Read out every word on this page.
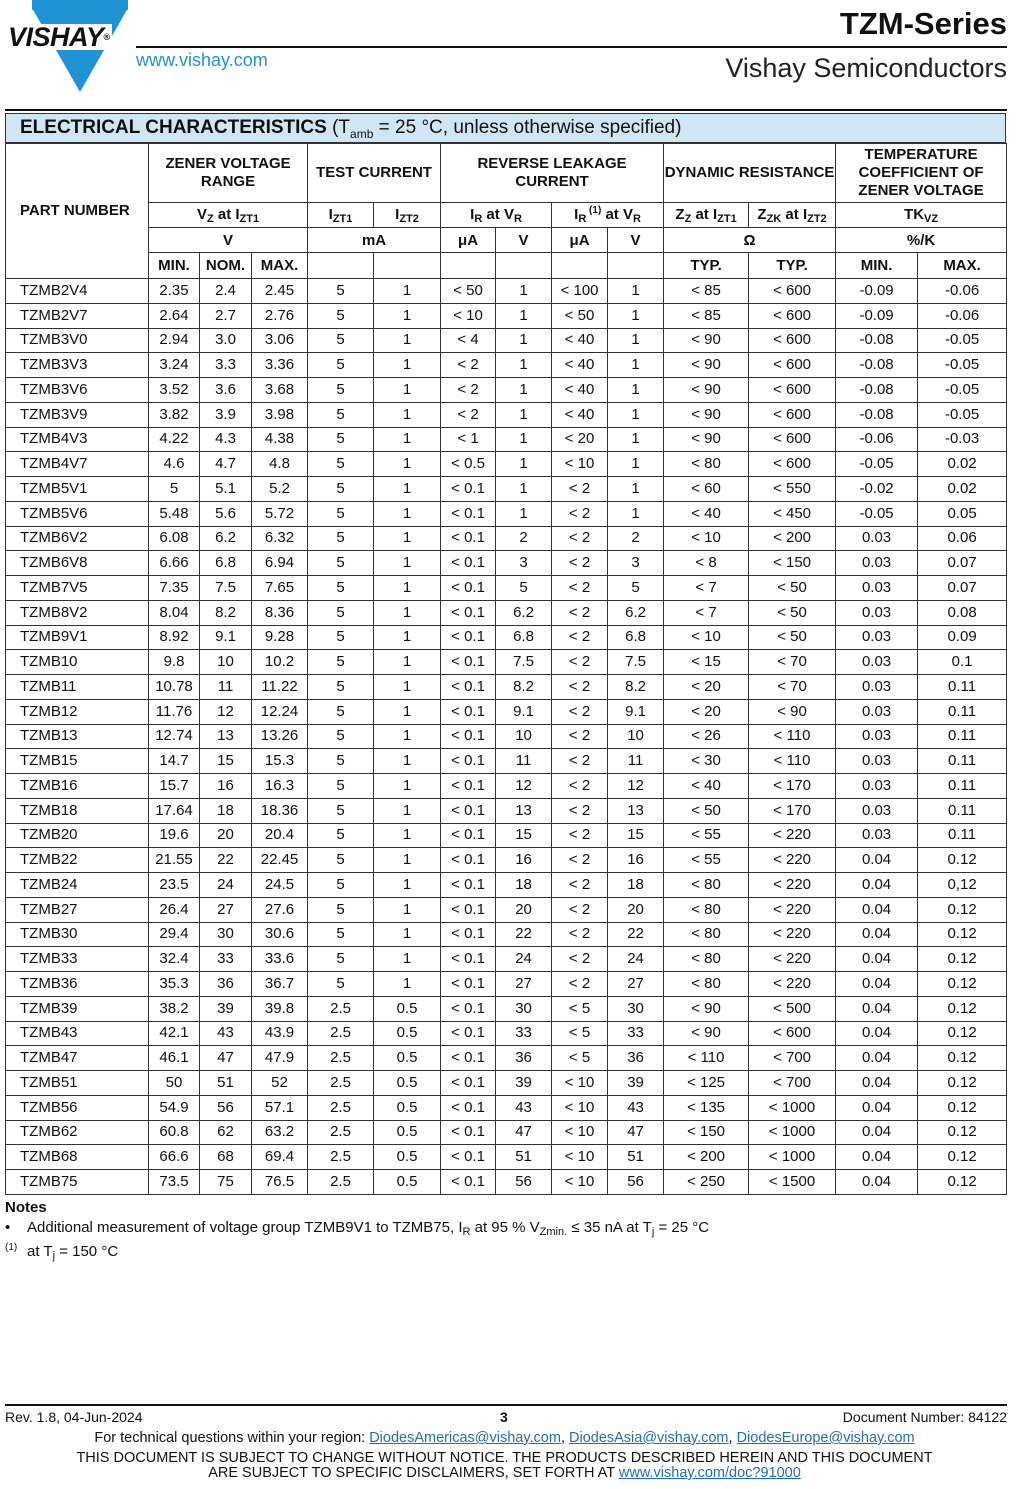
VISHAY®
www.vishay.com
TZM-Series
Vishay Semiconductors
ELECTRICAL CHARACTERISTICS ($T_{amb} = 25$ °C, unless otherwise specified)
PART NUMBER	ZENER VOLTAGE RANGE			TEST CURRENT		REVERSE LEAKAGE CURRENT				DYNAMIC RESISTANCE		TEMPERATURE COEFFICIENT OF ZENER VOLTAGE	
	$V_Z$ at $I_{ZT1}$			$I_{ZT1}$	$I_{ZT2}$	$I_R$ at $V_R$		$I_R$ $^{(1)}$ at $V_R$		$Z_Z$ at $I_{ZT1}$	$Z_{ZK}$ at $I_{ZT2}$	$TK_{VZ}$
	V			mA		μA	V	μA	V	Ω		%/K	
	MIN.	NOM.	MAX.							TYP.	TYP.	MIN.	MAX.
TZMB2V4	2.35	2.4	2.45	5	1	< 50	1	< 100	1	< 85	< 600	-0.09	-0.06
TZMB2V7	2.64	2.7	2.76	5	1	< 10	1	< 50	1	< 85	< 600	-0.09	-0.06
TZMB3V0	2.94	3.0	3.06	5	1	< 4	1	< 40	1	< 90	< 600	-0.08	-0.05
TZMB3V3	3.24	3.3	3.36	5	1	< 2	1	< 40	1	< 90	< 600	-0.08	-0.05
TZMB3V6	3.52	3.6	3.68	5	1	< 2	1	< 40	1	< 90	< 600	-0.08	-0.05
TZMB3V9	3.82	3.9	3.98	5	1	< 2	1	< 40	1	< 90	< 600	-0.08	-0.05
TZMB4V3	4.22	4.3	4.38	5	1	< 1	1	< 20	1	< 90	< 600	-0.06	-0.03
TZMB4V7	4.6	4.7	4.8	5	1	< 0.5	1	< 10	1	< 80	< 600	-0.05	0.02
TZMB5V1	5	5.1	5.2	5	1	< 0.1	1	< 2	1	< 60	< 550	-0.02	0.02
TZMB5V6	5.48	5.6	5.72	5	1	< 0.1	1	< 2	1	< 40	< 450	-0.05	0.05
TZMB6V2	6.08	6.2	6.32	5	1	< 0.1	2	< 2	2	< 10	< 200	0.03	0.06
TZMB6V8	6.66	6.8	6.94	5	1	< 0.1	3	< 2	3	< 8	< 150	0.03	0.07
TZMB7V5	7.35	7.5	7.65	5	1	< 0.1	5	< 2	5	< 7	< 50	0.03	0.07
TZMB8V2	8.04	8.2	8.36	5	1	< 0.1	6.2	< 2	6.2	< 7	< 50	0.03	0.08
TZMB9V1	8.92	9.1	9.28	5	1	< 0.1	6.8	< 2	6.8	< 10	< 50	0.03	0.09
TZMB10	9.8	10	10.2	5	1	< 0.1	7.5	< 2	7.5	< 15	< 70	0.03	0.1
TZMB11	10.78	11	11.22	5	1	< 0.1	8.2	< 2	8.2	< 20	< 70	0.03	0.11
TZMB12	11.76	12	12.24	5	1	< 0.1	9.1	< 2	9.1	< 20	< 90	0.03	0.11
TZMB13	12.74	13	13.26	5	1	< 0.1	10	< 2	10	< 26	< 110	0.03	0.11
TZMB15	14.7	15	15.3	5	1	< 0.1	11	< 2	11	< 30	< 110	0.03	0.11
TZMB16	15.7	16	16.3	5	1	< 0.1	12	< 2	12	< 40	< 170	0.03	0.11
TZMB18	17.64	18	18.36	5	1	< 0.1	13	< 2	13	< 50	< 170	0.03	0.11
TZMB20	19.6	20	20.4	5	1	< 0.1	15	< 2	15	< 55	< 220	0.03	0.11
TZMB22	21.55	22	22.45	5	1	< 0.1	16	< 2	16	< 55	< 220	0.04	0.12
TZMB24	23.5	24	24.5	5	1	< 0.1	18	< 2	18	< 80	< 220	0.04	0,12
TZMB27	26.4	27	27.6	5	1	< 0.1	20	< 2	20	< 80	< 220	0.04	0.12
TZMB30	29.4	30	30.6	5	1	< 0.1	22	< 2	22	< 80	< 220	0.04	0.12
TZMB33	32.4	33	33.6	5	1	< 0.1	24	< 2	24	< 80	< 220	0.04	0.12
TZMB36	35.3	36	36.7	5	1	< 0.1	27	< 2	27	< 80	< 220	0.04	0.12
TZMB39	38.2	39	39.8	2.5	0.5	< 0.1	30	< 5	30	< 90	< 500	0.04	0.12
TZMB43	42.1	43	43.9	2.5	0.5	< 0.1	33	< 5	33	< 90	< 600	0.04	0.12
TZMB47	46.1	47	47.9	2.5	0.5	< 0.1	36	< 5	36	< 110	< 700	0.04	0.12
TZMB51	50	51	52	2.5	0.5	< 0.1	39	< 10	39	< 125	< 700	0.04	0.12
TZMB56	54.9	56	57.1	2.5	0.5	< 0.1	43	< 10	43	< 135	< 1000	0.04	0.12
TZMB62	60.8	62	63.2	2.5	0.5	< 0.1	47	< 10	47	< 150	< 1000	0.04	0.12
TZMB68	66.6	68	69.4	2.5	0.5	< 0.1	51	< 10	51	< 200	< 1000	0.04	0.12
TZMB75	73.5	75	76.5	2.5	0.5	< 0.1	56	< 10	56	< 250	< 1500	0.04	0.12
Notes
• Additional measurement of voltage group TZMB9V1 to TZMB75, $I_R$ at 95 % $V_{Zmin.} \le 35$ nA at $T_j = 25$ °C
(1) at $T_j = 150$ °C
Rev. 1.8, 04-Jun-2024	3	Document Number: 84122
For technical questions within your region: DiodesAmericas@vishay.com, DiodesAsia@vishay.com, DiodesEurope@vishay.com
THIS DOCUMENT IS SUBJECT TO CHANGE WITHOUT NOTICE. THE PRODUCTS DESCRIBED HEREIN AND THIS DOCUMENT
ARE SUBJECT TO SPECIFIC DISCLAIMERS, SET FORTH AT www.vishay.com/doc?91000
